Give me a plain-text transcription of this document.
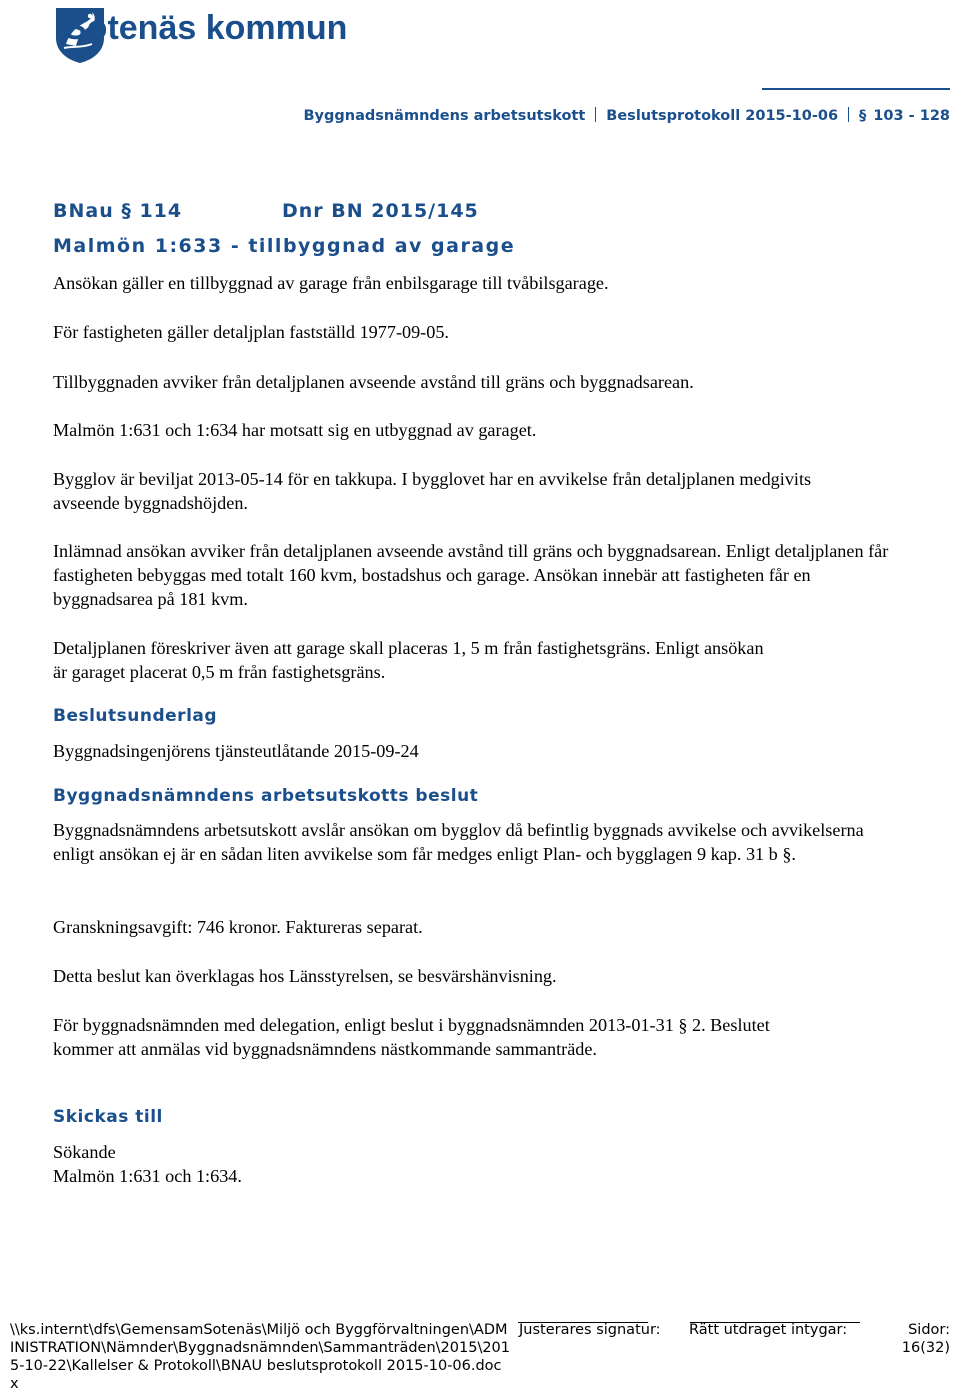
Sotenäs kommun
Byggnadsnämndens arbetsutskott Beslutsprotokoll 2015-10-06 § 103 - 128
BNau § 114	Dnr BN 2015/145
Malmön 1:633 - tillbyggnad av garage

Ansökan gäller en tillbyggnad av garage från enbilsgarage till tvåbilsgarage.

För fastigheten gäller detaljplan fastställd 1977-09-05.

Tillbyggnaden avviker från detaljplanen avseende avstånd till gräns och byggnadsarean.

Malmön 1:631 och 1:634 har motsatt sig en utbyggnad av garaget.

Bygglov är beviljat 2013-05-14 för en takkupa. I bygglovet har en avvikelse från detaljplanen medgivits avseende byggnadshöjden.

Inlämnad ansökan avviker från detaljplanen avseende avstånd till gräns och byggnadsarean. Enligt detaljplanen får fastigheten bebyggas med totalt 160 kvm, bostadshus och garage. Ansökan innebär att fastigheten får en byggnadsarea på 181 kvm.

Detaljplanen föreskriver även att garage skall placeras 1, 5 m från fastighetsgräns. Enligt ansökan är garaget placerat 0,5 m från fastighetsgräns.

Beslutsunderlag

Byggnadsingenjörens tjänsteutlåtande 2015-09-24

Byggnadsnämndens arbetsutskotts beslut

Byggnadsnämndens arbetsutskott avslår ansökan om bygglov då befintlig byggnads avvikelse och avvikelserna enligt ansökan ej är en sådan liten avvikelse som får medges enligt Plan- och bygglagen 9 kap. 31 b §.

Granskningsavgift: 746 kronor. Faktureras separat.

Detta beslut kan överklagas hos Länsstyrelsen, se besvärshänvisning.

För byggnadsnämnden med delegation, enligt beslut i byggnadsnämnden 2013-01-31 § 2. Beslutet kommer att anmälas vid byggnadsnämndens nästkommande sammanträde.

Skickas till

Sökande

Malmön 1:631 och 1:634.

\\ks.internt\dfs\GemensamSotenäs\Miljö och Byggförvaltningen\ADMINISTRATION\Nämnder\Byggnadsnämnden\Sammanträden\2015\2015-10-22\Kallelser & Protokoll\BNAU beslutsprotokoll 2015-10-06.docx
Justerares signatur: Rätt utdraget intygar:	Sidor:
16(32)
